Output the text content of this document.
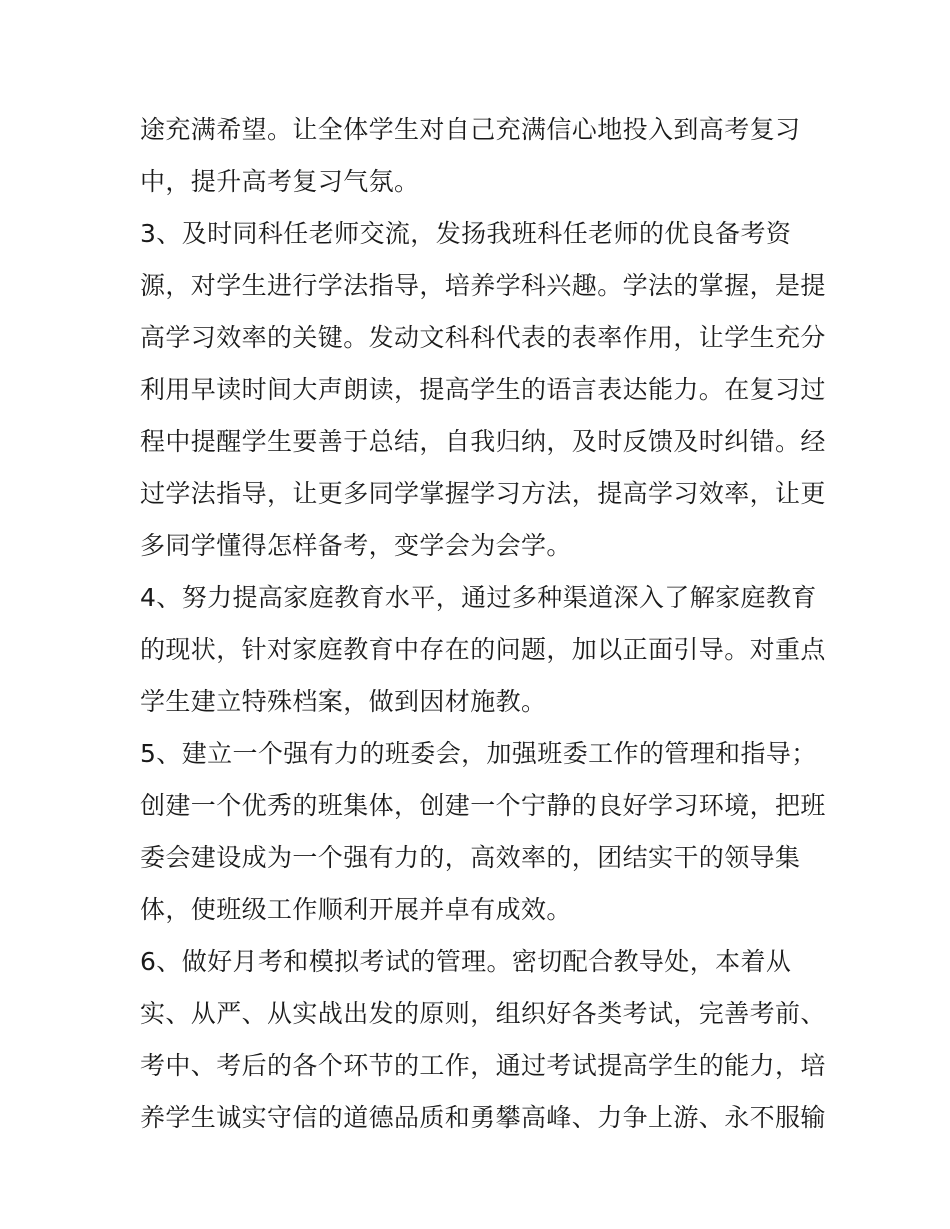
途充满希望。让全体学生对自己充满信心地投入到高考复习
中，提升高考复习气氛。
3、及时同科任老师交流，发扬我班科任老师的优良备考资
源，对学生进行学法指导，培养学科兴趣。学法的掌握，是提
高学习效率的关键。发动文科科代表的表率作用，让学生充分
利用早读时间大声朗读，提高学生的语言表达能力。在复习过
程中提醒学生要善于总结，自我归纳，及时反馈及时纠错。经
过学法指导，让更多同学掌握学习方法，提高学习效率，让更
多同学懂得怎样备考，变学会为会学。
4、努力提高家庭教育水平，通过多种渠道深入了解家庭教育
的现状，针对家庭教育中存在的问题，加以正面引导。对重点
学生建立特殊档案，做到因材施教。
5、建立一个强有力的班委会，加强班委工作的管理和指导；
创建一个优秀的班集体，创建一个宁静的良好学习环境，把班
委会建设成为一个强有力的，高效率的，团结实干的领导集
体，使班级工作顺利开展并卓有成效。
6、做好月考和模拟考试的管理。密切配合教导处，本着从
实、从严、从实战出发的原则，组织好各类考试，完善考前、
考中、考后的各个环节的工作，通过考试提高学生的能力，培
养学生诚实守信的道德品质和勇攀高峰、力争上游、永不服输
